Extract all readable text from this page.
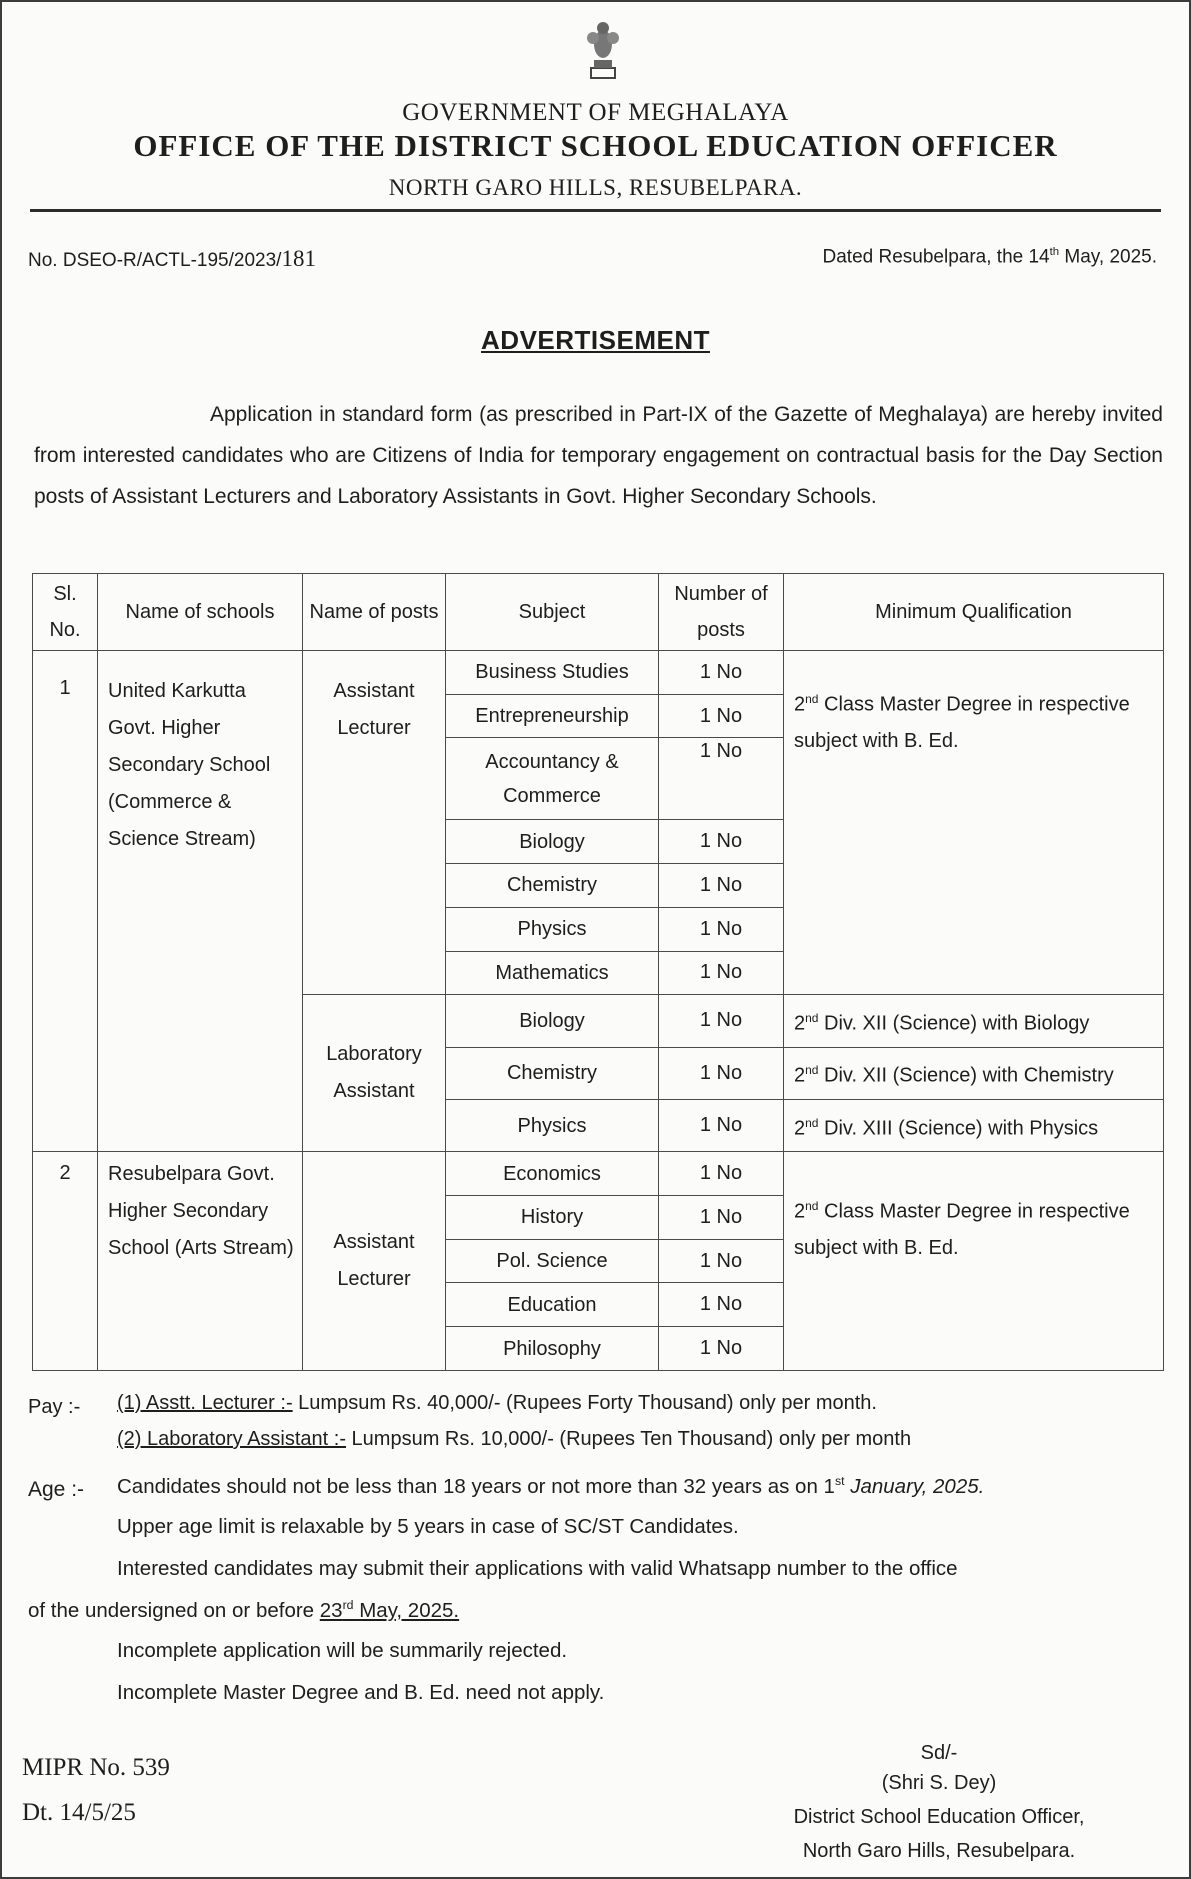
GOVERNMENT OF MEGHALAYA
OFFICE OF THE DISTRICT SCHOOL EDUCATION OFFICER
NORTH GARO HILLS, RESUBELPARA.
No. DSEO-R/ACTL-195/2023/181	Dated Resubelpara, the 14th May, 2025.
ADVERTISEMENT
Application in standard form (as prescribed in Part-IX of the Gazette of Meghalaya) are hereby invited from interested candidates who are Citizens of India for temporary engagement on contractual basis for the Day Section posts of Assistant Lecturers and Laboratory Assistants in Govt. Higher Secondary Schools.
Sl. No.	Name of schools	Name of posts	Subject	Number of posts	Minimum Qualification
1	United Karkutta Govt. Higher Secondary School (Commerce & Science Stream)	Assistant Lecturer	Business Studies	1 No	2nd Class Master Degree in respective subject with B. Ed.
			Entrepreneurship	1 No	
			Accountancy & Commerce	1 No	
			Biology	1 No	
			Chemistry	1 No	
			Physics	1 No	
			Mathematics	1 No	
		Laboratory Assistant	Biology	1 No	2nd Div. XII (Science) with Biology
			Chemistry	1 No	2nd Div. XII (Science) with Chemistry
			Physics	1 No	2nd Div. XIII (Science) with Physics
2	Resubelpara Govt. Higher Secondary School (Arts Stream)	Assistant Lecturer	Economics	1 No	2nd Class Master Degree in respective subject with B. Ed.
			History	1 No	
			Pol. Science	1 No	
			Education	1 No	
			Philosophy	1 No	
Pay :- (1) Asstt. Lecturer :- Lumpsum Rs. 40,000/- (Rupees Forty Thousand) only per month.
(2) Laboratory Assistant :- Lumpsum Rs. 10,000/- (Rupees Ten Thousand) only per month
Age :- Candidates should not be less than 18 years or not more than 32 years as on 1st January, 2025.
Upper age limit is relaxable by 5 years in case of SC/ST Candidates.
Interested candidates may submit their applications with valid Whatsapp number to the office
of the undersigned on or before 23rd May, 2025.
Incomplete application will be summarily rejected.
Incomplete Master Degree and B. Ed. need not apply.
MIPR No. 539
Dt. 14/5/25
Sd/-
(Shri S. Dey)
District School Education Officer,
North Garo Hills, Resubelpara.
